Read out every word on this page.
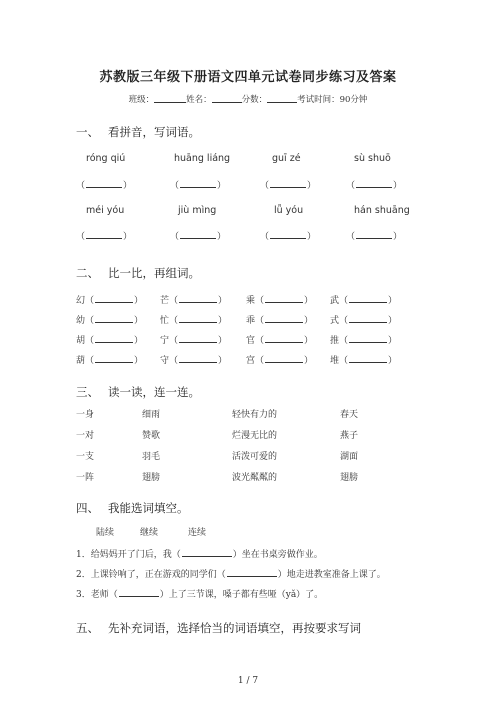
苏教版三年级下册语文四单元试卷同步练习及答案
班级：	姓名：	分数：	考试时间：90分钟
一、 看拼音，写词语。
róng qiú	huāng liáng	guī zé	sù shuō
（	）	（	）	（	）	（	）
méi yóu	jiù mìng	lǚ yóu	hán shuāng
（	）	（	）	（	）	（	）
二、 比一比，再组词。
幻（	） 芒（	） 乘（	） 武（	）
幼（	） 忙（	） 乖（	） 式（	）
胡（	） 宁（	） 官（	） 推（	）
葫（	） 守（	） 宫（	） 堆（	）
三、 读一读，连一连。
一身	细雨	轻快有力的	春天
一对	赞歌	烂漫无比的	燕子
一支	羽毛	活泼可爱的	湖面
一阵	翅膀	波光粼粼的	翅膀
四、 我能选词填空。
陆续	继续	连续
1．给妈妈开了门后，我（	）坐在书桌旁做作业。
2．上课铃响了，正在游戏的同学们（	）地走进教室准备上课了。
3．老师（	）上了三节课，嗓子都有些哑（yǎ）了。
五、 先补充词语，选择恰当的词语填空，再按要求写词
1 / 7
